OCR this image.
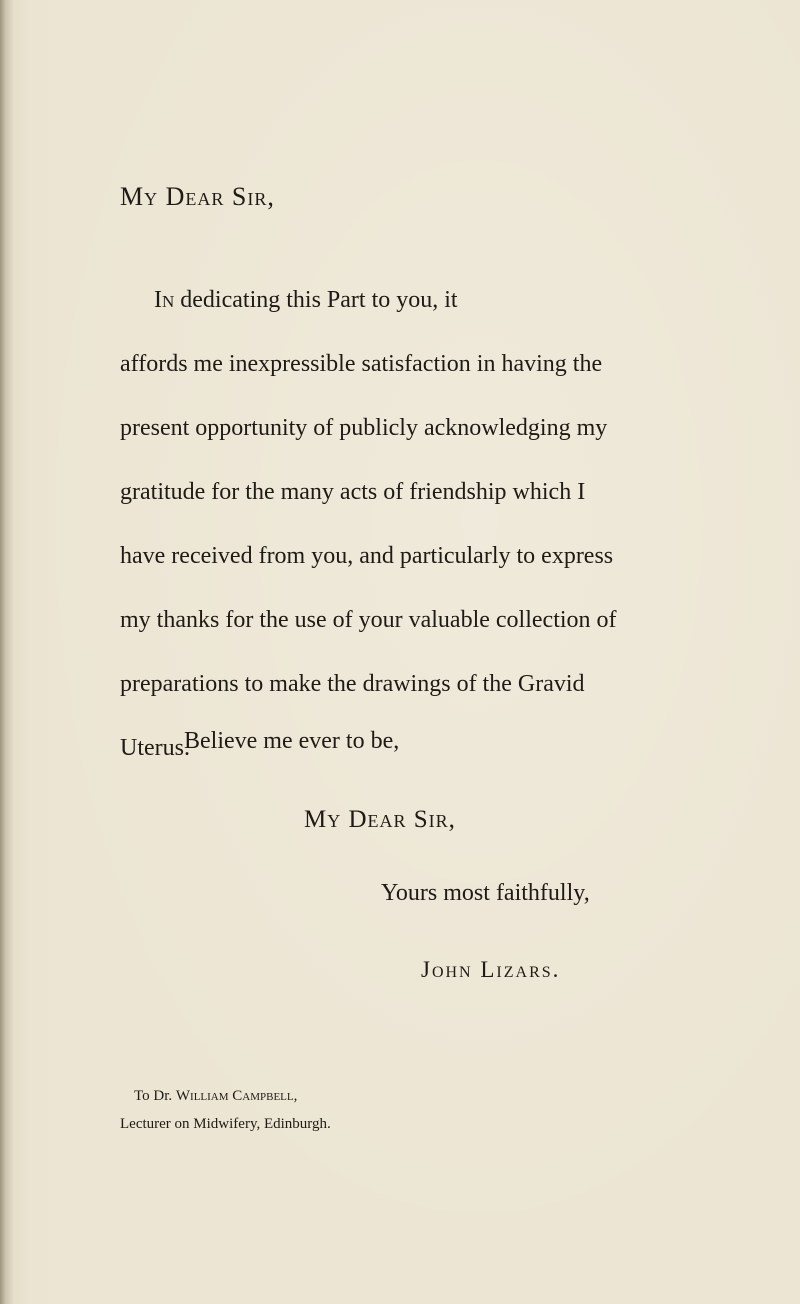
My Dear Sir,

In dedicating this Part to you, it
affords me inexpressible satisfaction in having the
present opportunity of publicly acknowledging my
gratitude for the many acts of friendship which I
have received from you, and particularly to express
my thanks for the use of your valuable collection of
preparations to make the drawings of the Gravid
Uterus.

Believe me ever to be,
My Dear Sir,
Yours most faithfully,
John Lizars.
To Dr. William Campbell,
Lecturer on Midwifery, Edinburgh.
